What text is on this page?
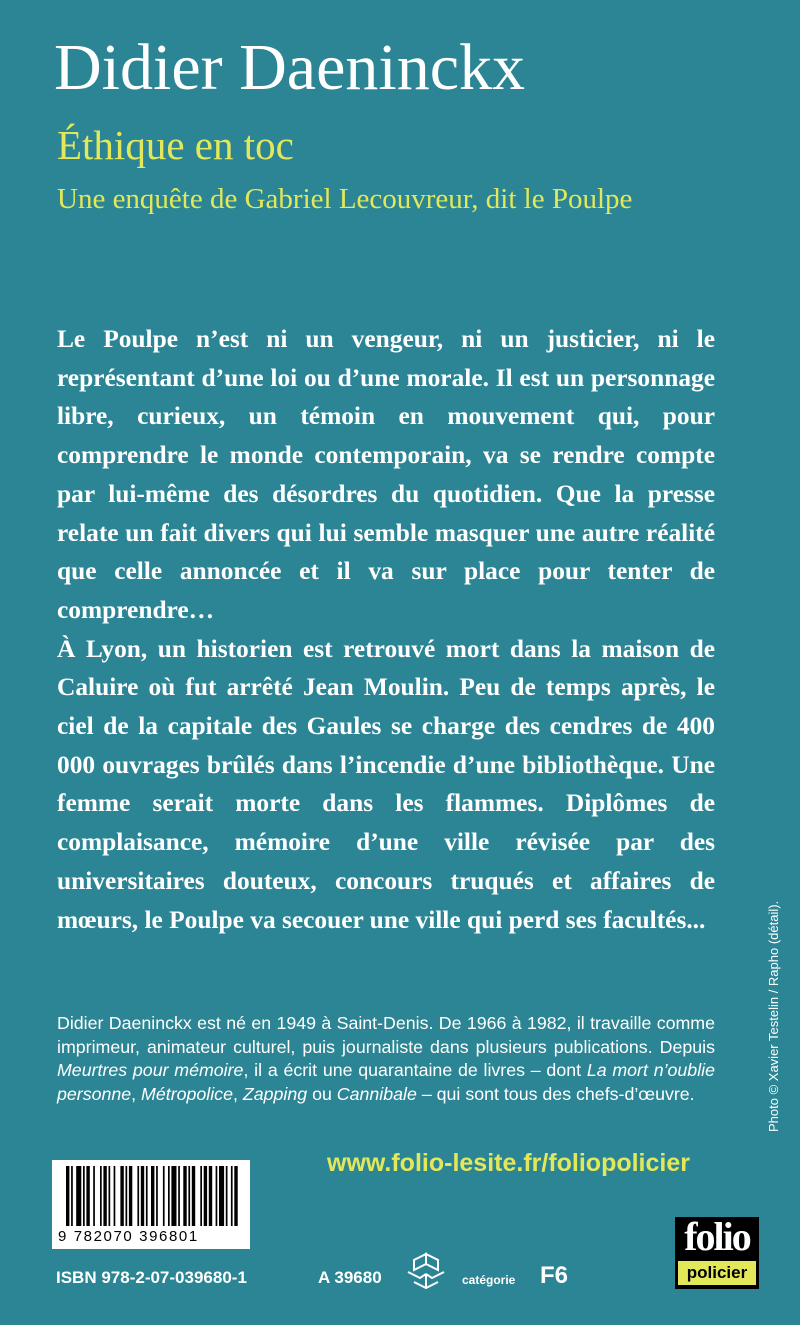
Didier Daeninckx
Éthique en toc
Une enquête de Gabriel Lecouvreur, dit le Poulpe

Le Poulpe n’est ni un vengeur, ni un justicier, ni le représentant d’une loi ou d’une morale. Il est un personnage libre, curieux, un témoin en mouvement qui, pour comprendre le monde contemporain, va se rendre compte par lui-même des désordres du quotidien. Que la presse relate un fait divers qui lui semble masquer une autre réalité que celle annoncée et il va sur place pour tenter de comprendre…

À Lyon, un historien est retrouvé mort dans la maison de Caluire où fut arrêté Jean Moulin. Peu de temps après, le ciel de la capitale des Gaules se charge des cendres de 400 000 ouvrages brûlés dans l’incendie d’une bibliothèque. Une femme serait morte dans les flammes. Diplômes de complaisance, mémoire d’une ville révisée par des universitaires douteux, concours truqués et affaires de mœurs, le Poulpe va secouer une ville qui perd ses facultés...

Didier Daeninckx est né en 1949 à Saint-Denis. De 1966 à 1982, il travaille comme imprimeur, animateur culturel, puis journaliste dans plusieurs publications. Depuis Meurtres pour mémoire, il a écrit une quarantaine de livres – dont La mort n’oublie personne, Métropolice, Zapping ou Cannibale – qui sont tous des chefs-d’œuvre.	Photo © Xavier Testelin / Rapho (détail).
www.folio-lesite.fr/foliopolicier
9 782070 396801
ISBN 978-2-07-039680-1	A 39680	catégorie F6
folio
policier
